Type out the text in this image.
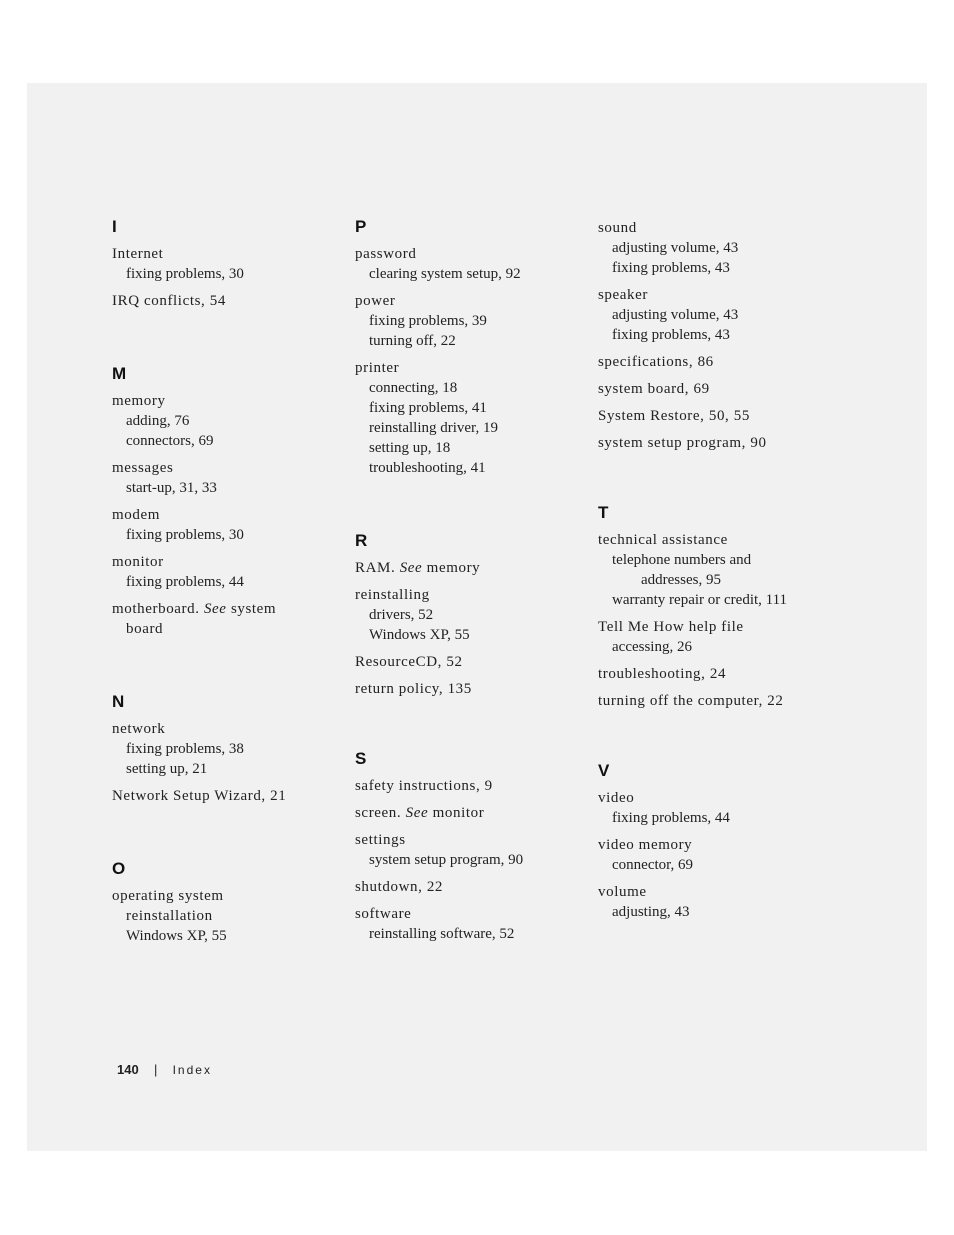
I
Internet
fixing problems, 30
IRQ conflicts, 54
M
memory
adding, 76
connectors, 69
messages
start-up, 31, 33
modem
fixing problems, 30
monitor
fixing problems, 44
motherboard. See system
board
N
network
fixing problems, 38
setting up, 21
Network Setup Wizard, 21
O
operating system
reinstallation
Windows XP, 55
P
password
clearing system setup, 92
power
fixing problems, 39
turning off, 22
printer
connecting, 18
fixing problems, 41
reinstalling driver, 19
setting up, 18
troubleshooting, 41
R
RAM. See memory
reinstalling
drivers, 52
Windows XP, 55
ResourceCD, 52
return policy, 135
S
safety instructions, 9
screen. See monitor
settings
system setup program, 90
shutdown, 22
software
reinstalling software, 52
sound
adjusting volume, 43
fixing problems, 43
speaker
adjusting volume, 43
fixing problems, 43
specifications, 86
system board, 69
System Restore, 50, 55
system setup program, 90
T
technical assistance
telephone numbers and
addresses, 95
warranty repair or credit, 111
Tell Me How help file
accessing, 26
troubleshooting, 24
turning off the computer, 22
V
video
fixing problems, 44
video memory
connector, 69
volume
adjusting, 43
140 | Index
